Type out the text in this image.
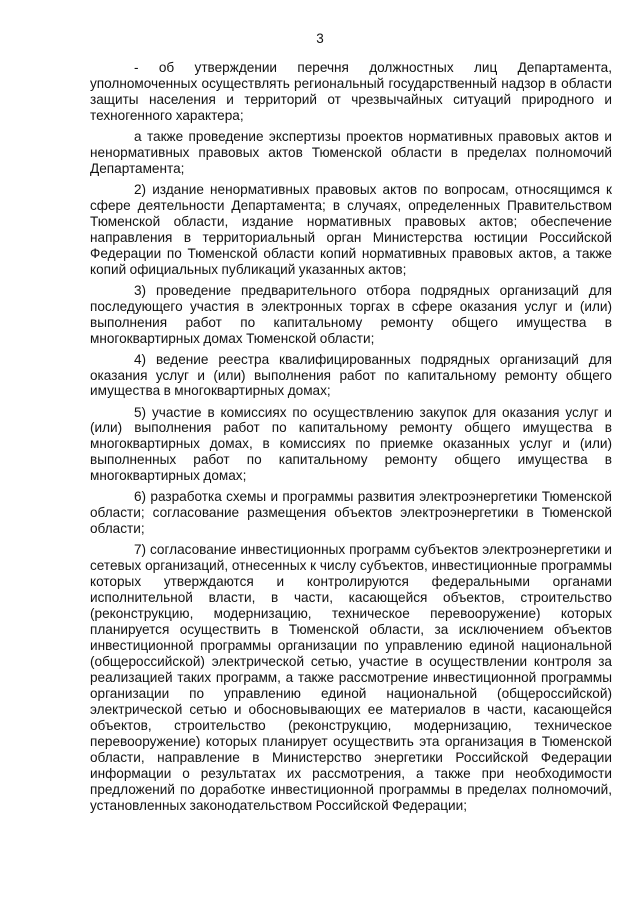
3

- об утверждении перечня должностных лиц Департамента, уполномоченных осуществлять региональный государственный надзор в области защиты населения и территорий от чрезвычайных ситуаций природного и техногенного характера;

а также проведение экспертизы проектов нормативных правовых актов и ненормативных правовых актов Тюменской области в пределах полномочий Департамента;

2) издание ненормативных правовых актов по вопросам, относящимся к сфере деятельности Департамента; в случаях, определенных Правительством Тюменской области, издание нормативных правовых актов; обеспечение направления в территориальный орган Министерства юстиции Российской Федерации по Тюменской области копий нормативных правовых актов, а также копий официальных публикаций указанных актов;

3) проведение предварительного отбора подрядных организаций для последующего участия в электронных торгах в сфере оказания услуг и (или) выполнения работ по капитальному ремонту общего имущества в многоквартирных домах Тюменской области;

4) ведение реестра квалифицированных подрядных организаций для оказания услуг и (или) выполнения работ по капитальному ремонту общего имущества в многоквартирных домах;

5) участие в комиссиях по осуществлению закупок для оказания услуг и (или) выполнения работ по капитальному ремонту общего имущества в многоквартирных домах, в комиссиях по приемке оказанных услуг и (или) выполненных работ по капитальному ремонту общего имущества в многоквартирных домах;

6) разработка схемы и программы развития электроэнергетики Тюменской области; согласование размещения объектов электроэнергетики в Тюменской области;

7) согласование инвестиционных программ субъектов электроэнергетики и сетевых организаций, отнесенных к числу субъектов, инвестиционные программы которых утверждаются и контролируются федеральными органами исполнительной власти, в части, касающейся объектов, строительство (реконструкцию, модернизацию, техническое перевооружение) которых планируется осуществить в Тюменской области, за исключением объектов инвестиционной программы организации по управлению единой национальной (общероссийской) электрической сетью, участие в осуществлении контроля за реализацией таких программ, а также рассмотрение инвестиционной программы организации по управлению единой национальной (общероссийской) электрической сетью и обосновывающих ее материалов в части, касающейся объектов, строительство (реконструкцию, модернизацию, техническое перевооружение) которых планирует осуществить эта организация в Тюменской области, направление в Министерство энергетики Российской Федерации информации о результатах их рассмотрения, а также при необходимости предложений по доработке инвестиционной программы в пределах полномочий, установленных законодательством Российской Федерации;
